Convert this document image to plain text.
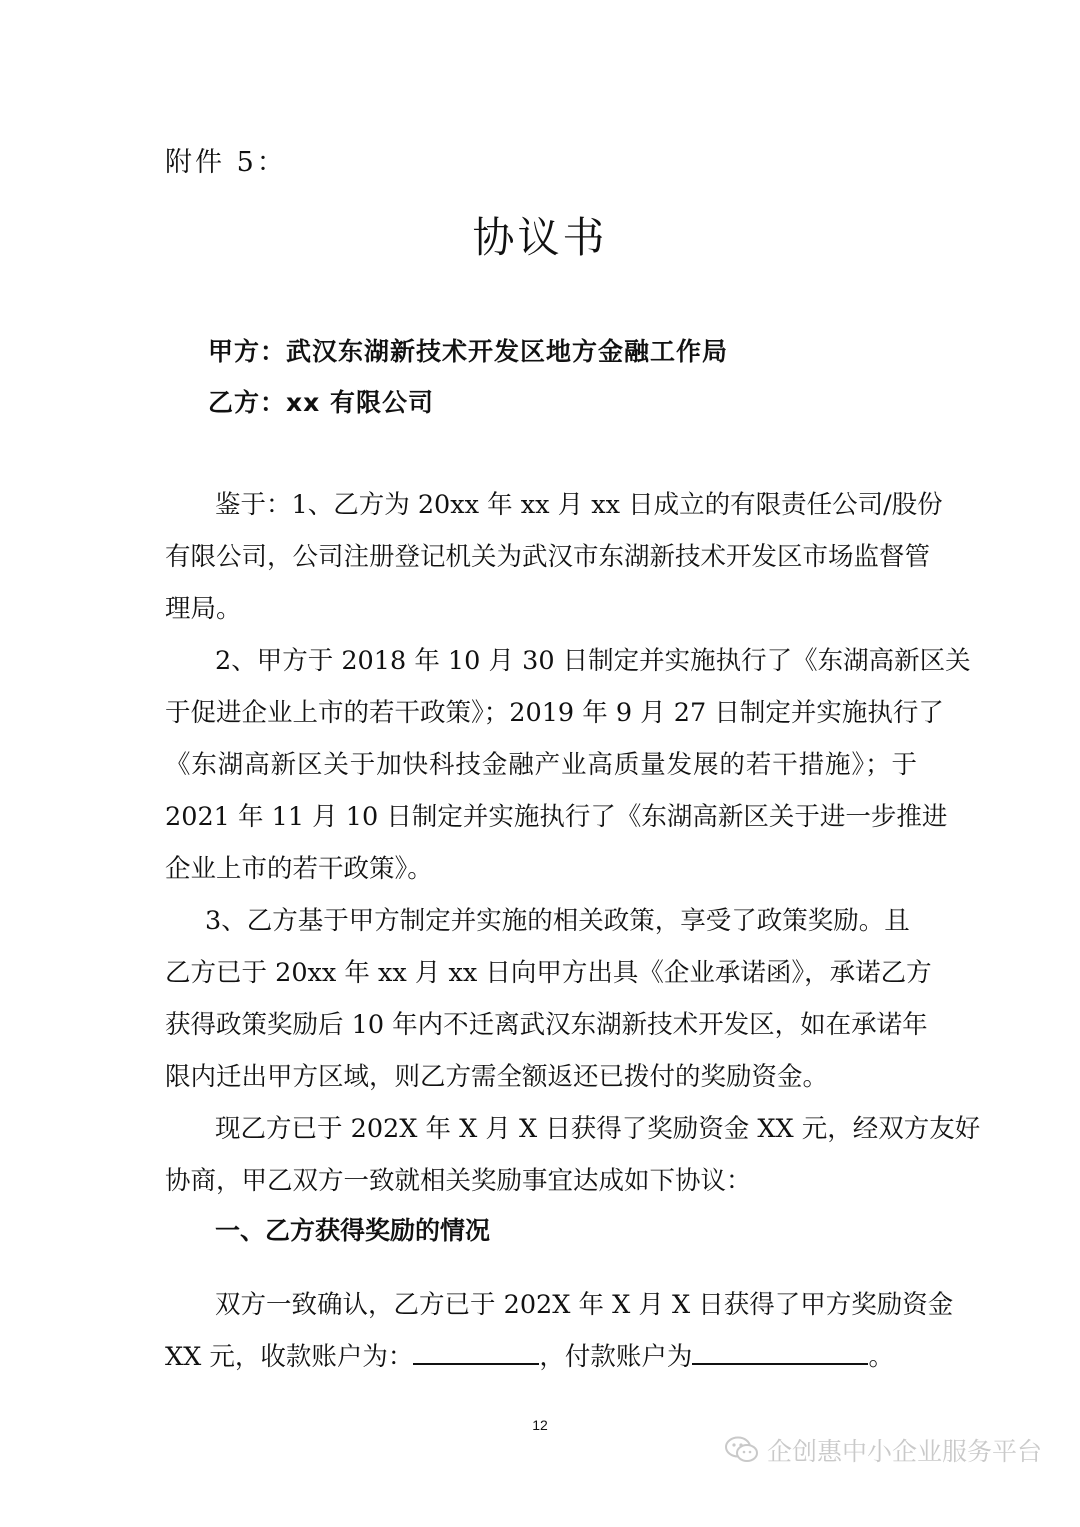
附件 5：
协议书
甲方：武汉东湖新技术开发区地方金融工作局
乙方：xx 有限公司
鉴于：1、乙方为 20xx 年 xx 月 xx 日成立的有限责任公司/股份
有限公司，公司注册登记机关为武汉市东湖新技术开发区市场监督管
理局。
2、甲方于 2018 年 10 月 30 日制定并实施执行了《东湖高新区关
于促进企业上市的若干政策》；2019 年 9 月 27 日制定并实施执行了
《东湖高新区关于加快科技金融产业高质量发展的若干措施》；于
2021 年 11 月 10 日制定并实施执行了《东湖高新区关于进一步推进
企业上市的若干政策》。
3、乙方基于甲方制定并实施的相关政策，享受了政策奖励。且
乙方已于 20xx 年 xx 月 xx 日向甲方出具《企业承诺函》，承诺乙方
获得政策奖励后 10 年内不迁离武汉东湖新技术开发区，如在承诺年
限内迁出甲方区域，则乙方需全额返还已拨付的奖励资金。
现乙方已于 202X 年 X 月 X 日获得了奖励资金 XX 元，经双方友好
协商，甲乙双方一致就相关奖励事宜达成如下协议：
一、乙方获得奖励的情况
双方一致确认，乙方已于 202X 年 X 月 X 日获得了甲方奖励资金
XX 元，收款账户为：	，付款账户为	。
12
企创惠中小企业服务平台
